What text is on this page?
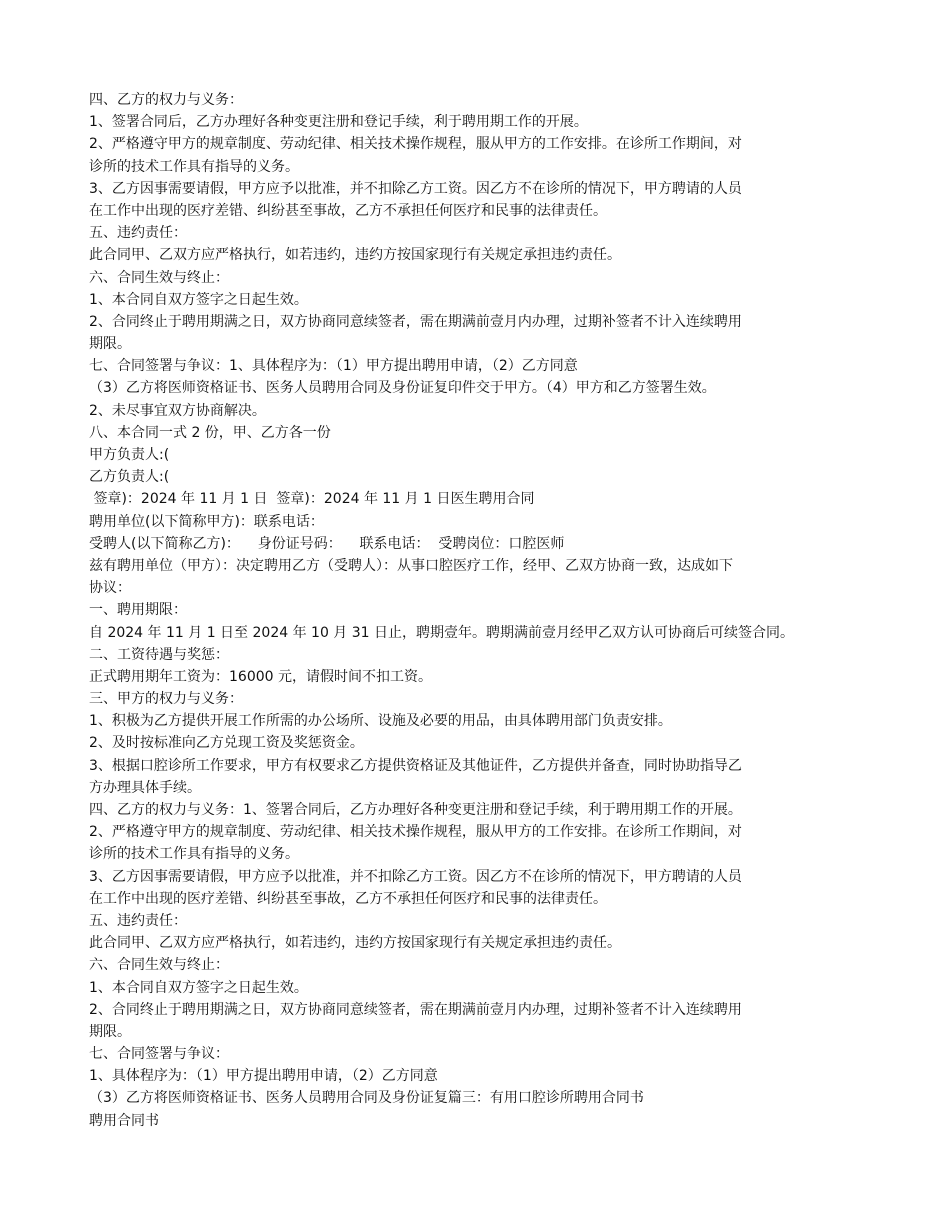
四、乙方的权力与义务：
1、签署合同后，乙方办理好各种变更注册和登记手续，利于聘用期工作的开展。
2、严格遵守甲方的规章制度、劳动纪律、相关技术操作规程，服从甲方的工作安排。在诊所工作期间，对
诊所的技术工作具有指导的义务。
3、乙方因事需要请假，甲方应予以批准，并不扣除乙方工资。因乙方不在诊所的情况下，甲方聘请的人员
在工作中出现的医疗差错、纠纷甚至事故，乙方不承担任何医疗和民事的法律责任。
五、违约责任：
此合同甲、乙双方应严格执行，如若违约，违约方按国家现行有关规定承担违约责任。
六、合同生效与终止：
1、本合同自双方签字之日起生效。
2、合同终止于聘用期满之日，双方协商同意续签者，需在期满前壹月内办理，过期补签者不计入连续聘用
期限。
七、合同签署与争议：1、具体程序为：（1）甲方提出聘用申请，（2）乙方同意
（3）乙方将医师资格证书、医务人员聘用合同及身份证复印件交于甲方。（4）甲方和乙方签署生效。
2、未尽事宜双方协商解决。
八、本合同一式 2 份，甲、乙方各一份
甲方负责人:(
乙方负责人:(
签章)：2024 年 11 月 1 日  签章)：2024 年 11 月 1 日医生聘用合同
聘用单位(以下简称甲方)：联系电话：
受聘人(以下简称乙方)：    身份证号码：    联系电话：  受聘岗位：口腔医师
兹有聘用单位（甲方）：决定聘用乙方（受聘人）：从事口腔医疗工作，经甲、乙双方协商一致，达成如下
协议：
一、聘用期限：
自 2024 年 11 月 1 日至 2024 年 10 月 31 日止，聘期壹年。聘期满前壹月经甲乙双方认可协商后可续签合同。
二、工资待遇与奖惩：
正式聘用期年工资为：16000 元，请假时间不扣工资。
三、甲方的权力与义务：
1、积极为乙方提供开展工作所需的办公场所、设施及必要的用品，由具体聘用部门负责安排。
2、及时按标准向乙方兑现工资及奖惩资金。
3、根据口腔诊所工作要求，甲方有权要求乙方提供资格证及其他证件，乙方提供并备查，同时协助指导乙
方办理具体手续。
四、乙方的权力与义务：1、签署合同后，乙方办理好各种变更注册和登记手续，利于聘用期工作的开展。
2、严格遵守甲方的规章制度、劳动纪律、相关技术操作规程，服从甲方的工作安排。在诊所工作期间，对
诊所的技术工作具有指导的义务。
3、乙方因事需要请假，甲方应予以批准，并不扣除乙方工资。因乙方不在诊所的情况下，甲方聘请的人员
在工作中出现的医疗差错、纠纷甚至事故，乙方不承担任何医疗和民事的法律责任。
五、违约责任：
此合同甲、乙双方应严格执行，如若违约，违约方按国家现行有关规定承担违约责任。
六、合同生效与终止：
1、本合同自双方签字之日起生效。
2、合同终止于聘用期满之日，双方协商同意续签者，需在期满前壹月内办理，过期补签者不计入连续聘用
期限。
七、合同签署与争议：
1、具体程序为：（1）甲方提出聘用申请，（2）乙方同意
（3）乙方将医师资格证书、医务人员聘用合同及身份证复篇三：有用口腔诊所聘用合同书
聘用合同书
